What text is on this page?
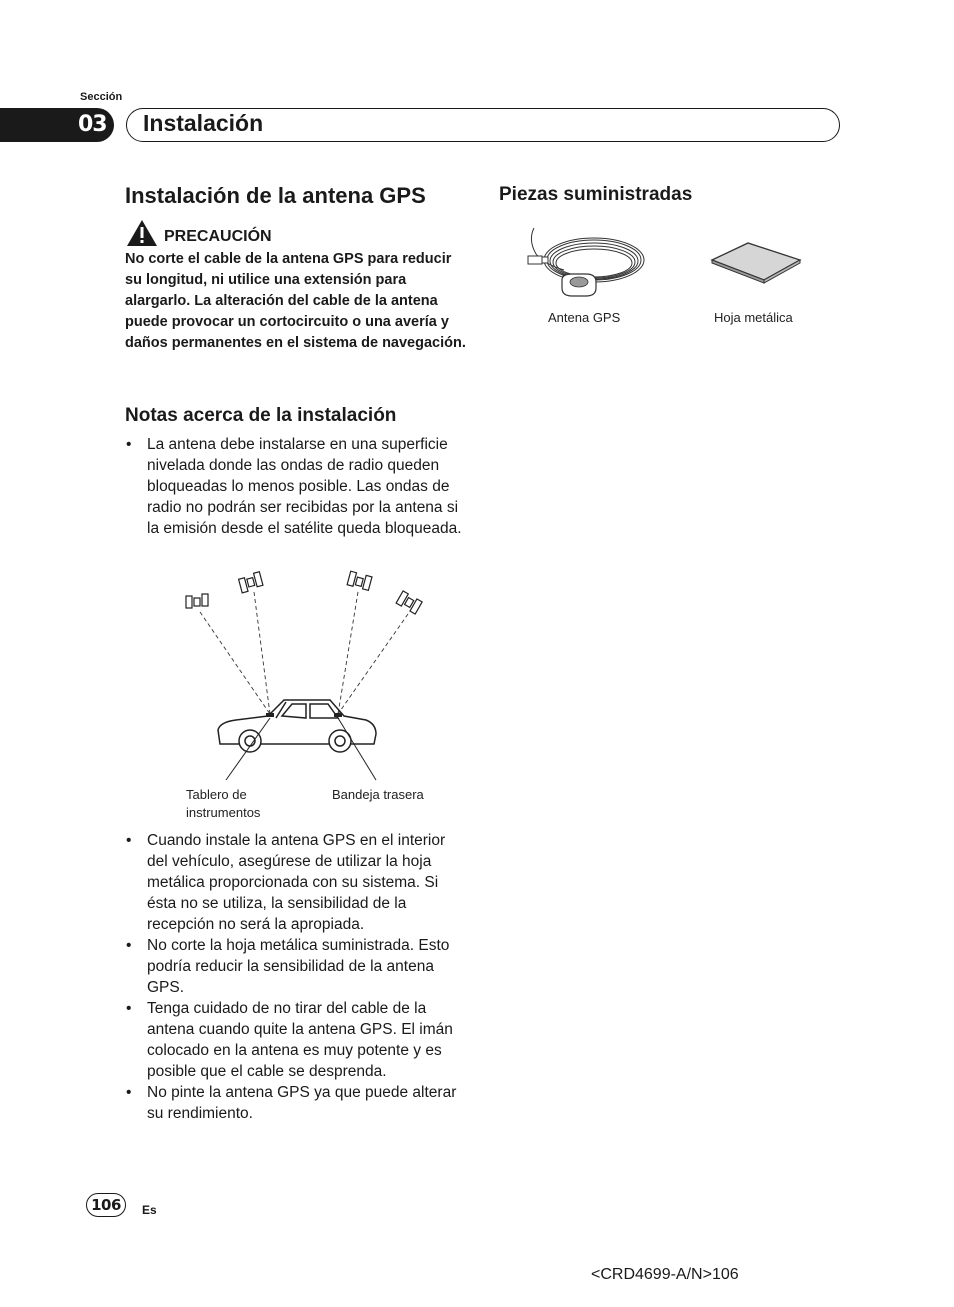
Sección
03 Instalación
Instalación de la antena GPS
PRECAUCIÓN
No corte el cable de la antena GPS para reducir su longitud, ni utilice una extensión para alargarlo. La alteración del cable de la antena puede provocar un cortocircuito o una avería y daños permanentes en el sistema de navegación.
Notas acerca de la instalación
• La antena debe instalarse en una superficie nivelada donde las ondas de radio queden bloqueadas lo menos posible. Las ondas de radio no podrán ser recibidas por la antena si la emisión desde el satélite queda bloqueada.
Tablero de instrumentos
Bandeja trasera
• Cuando instale la antena GPS en el interior del vehículo, asegúrese de utilizar la hoja metálica proporcionada con su sistema. Si ésta no se utiliza, la sensibilidad de la recepción no será la apropiada.
• No corte la hoja metálica suministrada. Esto podría reducir la sensibilidad de la antena GPS.
• Tenga cuidado de no tirar del cable de la antena cuando quite la antena GPS. El imán colocado en la antena es muy potente y es posible que el cable se desprenda.
• No pinte la antena GPS ya que puede alterar su rendimiento.
Piezas suministradas
Antena GPS	Hoja metálica
106	Es
<CRD4699-A/N>106
